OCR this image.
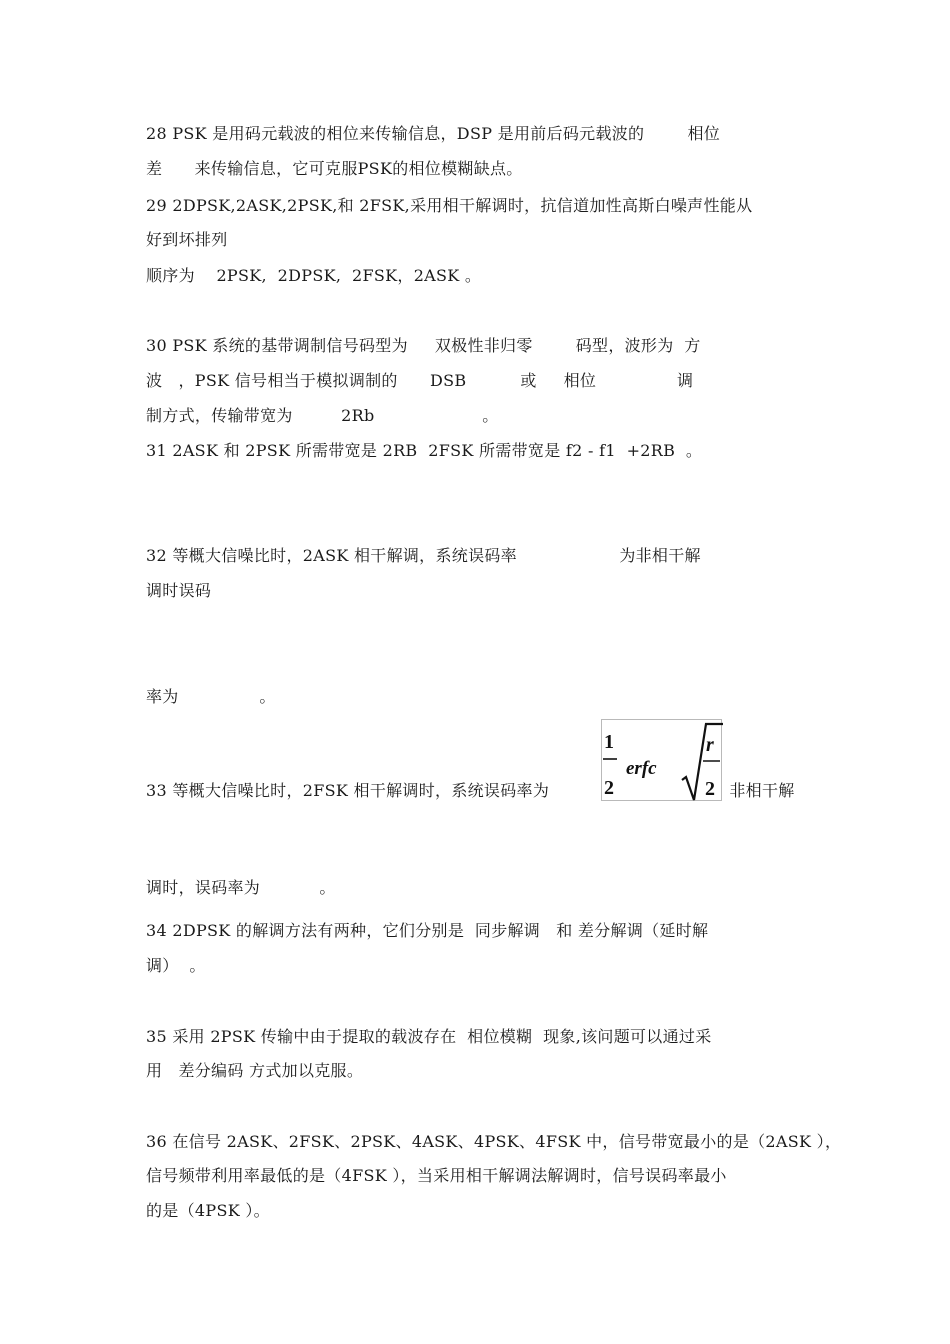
28 PSK 是用码元载波的相位来传输信息，DSP 是用前后码元载波的        相位
差      来传输信息，它可克服PSK的相位模糊缺点。
29 2DPSK,2ASK,2PSK,和 2FSK,采用相干解调时，抗信道加性高斯白噪声性能从
好到坏排列
顺序为    2PSK,  2DPSK,  2FSK，2ASK 。
30 PSK 系统的基带调制信号码型为     双极性非归零        码型，波形为  方
波   ，PSK 信号相当于模拟调制的      DSB          或     相位               调
制方式，传输带宽为         2Rb                    。
31 2ASK 和 2PSK 所需带宽是 2RB  2FSK 所需带宽是 f2 - f1  +2RB  。
32 等概大信噪比时，2ASK 相干解调，系统误码率                   为非相干解
调时误码
率为               。
33 等概大信噪比时，2FSK 相干解调时，系统误码率为
1
2
erfc
r
2 非相干解
调时，误码率为           。
34 2DPSK 的解调方法有两种，它们分别是  同步解调   和 差分解调（延时解
调）  。
35 采用 2PSK 传输中由于提取的载波存在  相位模糊  现象,该问题可以通过采
用   差分编码 方式加以克服。
36 在信号 2ASK、2FSK、2PSK、4ASK、4PSK、4FSK 中，信号带宽最小的是（2ASK ），
信号频带利用率最低的是（4FSK ），当采用相干解调法解调时，信号误码率最小
的是（4PSK ）。
